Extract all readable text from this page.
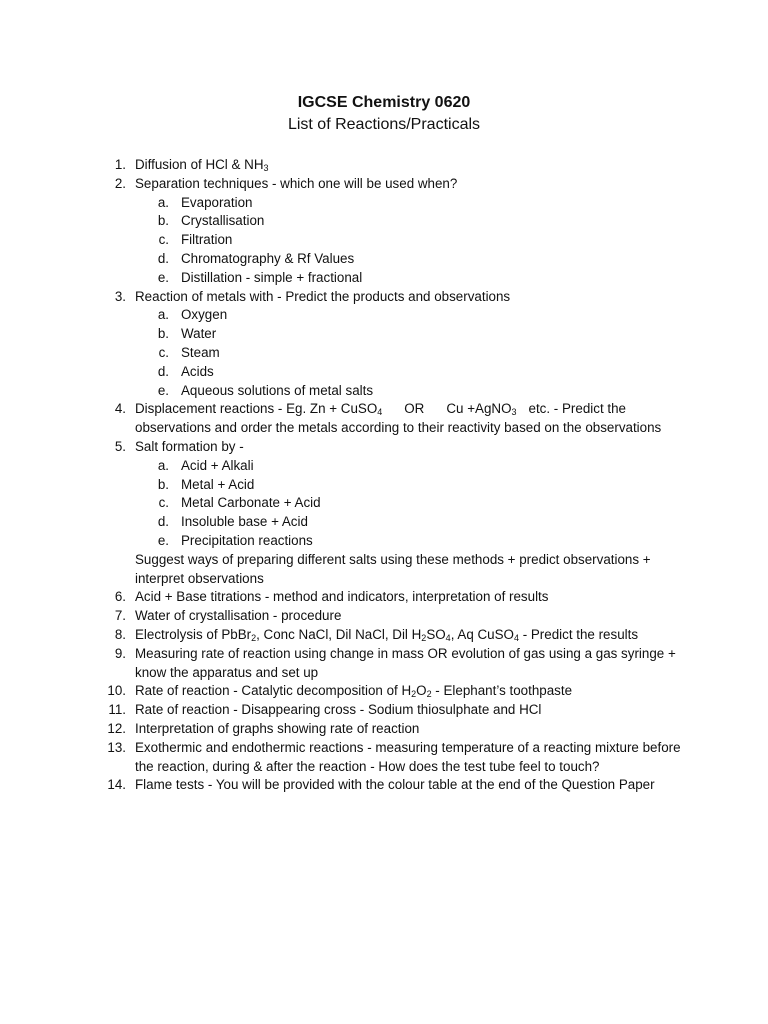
IGCSE Chemistry 0620
List of Reactions/Practicals
1. Diffusion of HCl & $NH_3$
2. Separation techniques - which one will be used when?
a. Evaporation
b. Crystallisation
c. Filtration
d. Chromatography & Rf Values
e. Distillation - simple + fractional
3. Reaction of metals with - Predict the products and observations
a. Oxygen
b. Water
c. Steam
d. Acids
e. Aqueous solutions of metal salts
4. Displacement reactions - Eg. Zn + CuSO$_4$ OR Cu +AgNO$_3$ etc. - Predict the observations and order the metals according to their reactivity based on the observations
5. Salt formation by -
a. Acid + Alkali
b. Metal + Acid
c. Metal Carbonate + Acid
d. Insoluble base + Acid
e. Precipitation reactions
Suggest ways of preparing different salts using these methods + predict observations + interpret observations
6. Acid + Base titrations - method and indicators, interpretation of results
7. Water of crystallisation - procedure
8. Electrolysis of PbBr$_2$, Conc NaCl, Dil NaCl, Dil $H_2SO_4$, Aq CuSO$_4$ - Predict the results
9. Measuring rate of reaction using change in mass OR evolution of gas using a gas syringe + know the apparatus and set up
10. Rate of reaction - Catalytic decomposition of $H_2O_2$ - Elephant’s toothpaste
11. Rate of reaction - Disappearing cross - Sodium thiosulphate and HCl
12. Interpretation of graphs showing rate of reaction
13. Exothermic and endothermic reactions - measuring temperature of a reacting mixture before the reaction, during & after the reaction - How does the test tube feel to touch?
14. Flame tests - You will be provided with the colour table at the end of the Question Paper
